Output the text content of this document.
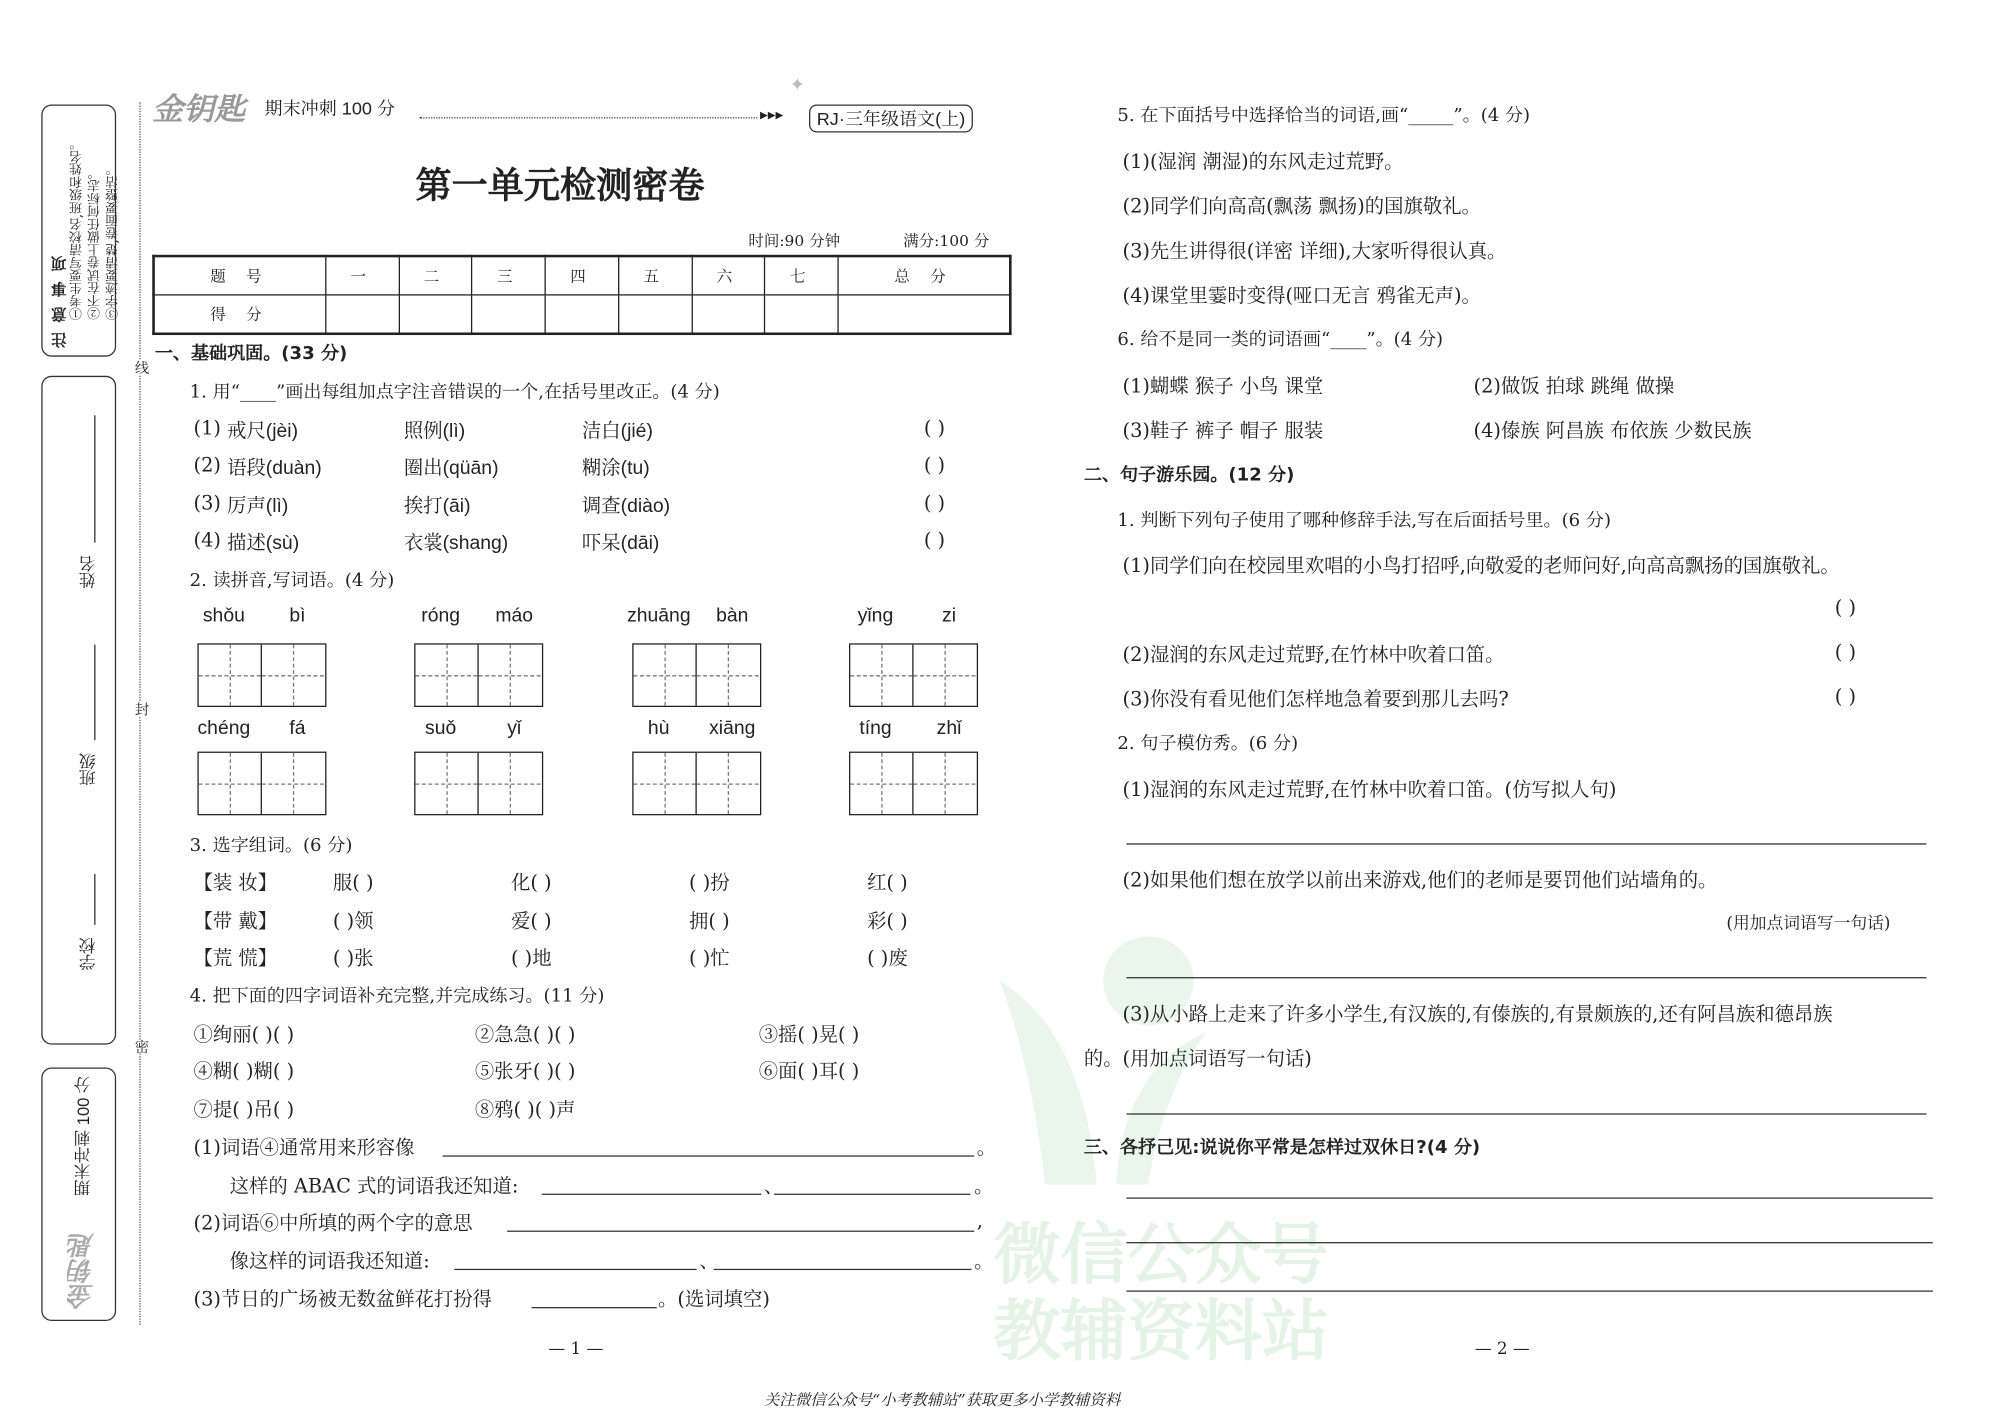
微信公众号
教辅资料站
注意事项 ①考生要写清校名,班级和姓名。 ②不在试卷上做任何标志。 ③字迹要清楚,卷面要整洁。
学校
班级
姓名
期末冲刺 100 分
金钥匙
线
封
密
金钥匙 期末冲刺 100 分	▸▸▸
✦
RJ·三年级语文(上)
第一单元检测密卷
时间:90 分钟	满分:100 分
题 号	一	二	三	四	五	六	七	总 分
得 分								
一、基础巩固。(33 分)
1. 用“____”画出每组加点字注音错误的一个,在括号里改正。(4 分)
(1) 戒尺(jèi)	照例(lì)	洁白(jié)	( )
(2) 语段(duàn)	圈出(qüān)	糊涂(tu)	( )
(3) 厉声(lì)	挨打(āi)	调查(diào)	( )
(4) 描述(sù)	衣裳(shang)	吓呆(dāi)	( )
2. 读拼音,写词语。(4 分)
shǒu	bì	róng	máo	zhuāng	bàn	yǐng	zi
chéng	fá	suǒ	yǐ	hù	xiāng	tíng	zhǐ
3. 选字组词。(6 分)
【装 妆】	服( )	化( )	( )扮	红( )
【带 戴】	( )领	爱( )	拥( )	彩( )
【荒 慌】	( )张	( )地	( )忙	( )废
4. 把下面的四字词语补充完整,并完成练习。(11 分)
①绚丽( )( )	②急急( )( )	③摇( )晃( )
④糊( )糊( )	⑤张牙( )( )	⑥面( )耳( )
⑦提( )吊( )	⑧鸦( )( )声
(1)词语④通常用来形容像	。
这样的 ABAC 式的词语我还知道:	、	。
(2)词语⑥中所填的两个字的意思	,
像这样的词语我还知道:	、	。
(3)节日的广场被无数盆鲜花打扮得	。(选词填空)
5. 在下面括号中选择恰当的词语,画“_____”。(4 分)
(1)(湿润 潮湿)的东风走过荒野。
(2)同学们向高高(飘荡 飘扬)的国旗敬礼。
(3)先生讲得很(详密 详细),大家听得很认真。
(4)课堂里霎时变得(哑口无言 鸦雀无声)。
6. 给不是同一类的词语画“____”。(4 分)
(1)蝴蝶 猴子 小鸟 课堂	(2)做饭 拍球 跳绳 做操
(3)鞋子 裤子 帽子 服装	(4)傣族 阿昌族 布依族 少数民族
二、句子游乐园。(12 分)
1. 判断下列句子使用了哪种修辞手法,写在后面括号里。(6 分)
(1)同学们向在校园里欢唱的小鸟打招呼,向敬爱的老师问好,向高高飘扬的国旗敬礼。
( )
(2)湿润的东风走过荒野,在竹林中吹着口笛。	( )
(3)你没有看见他们怎样地急着要到那儿去吗?	( )
2. 句子模仿秀。(6 分)
(1)湿润的东风走过荒野,在竹林中吹着口笛。(仿写拟人句)
(2)如果他们想在放学以前出来游戏,他们的老师是要罚他们站墙角的。
(用加点词语写一句话)
(3)从小路上走来了许多小学生,有汉族的,有傣族的,有景颇族的,还有阿昌族和德昂族
的。(用加点词语写一句话)
三、各抒己见:说说你平常是怎样过双休日?(4 分)
— 1 —	— 2 —
关注微信公众号“小考教辅站”获取更多小学教辅资料
